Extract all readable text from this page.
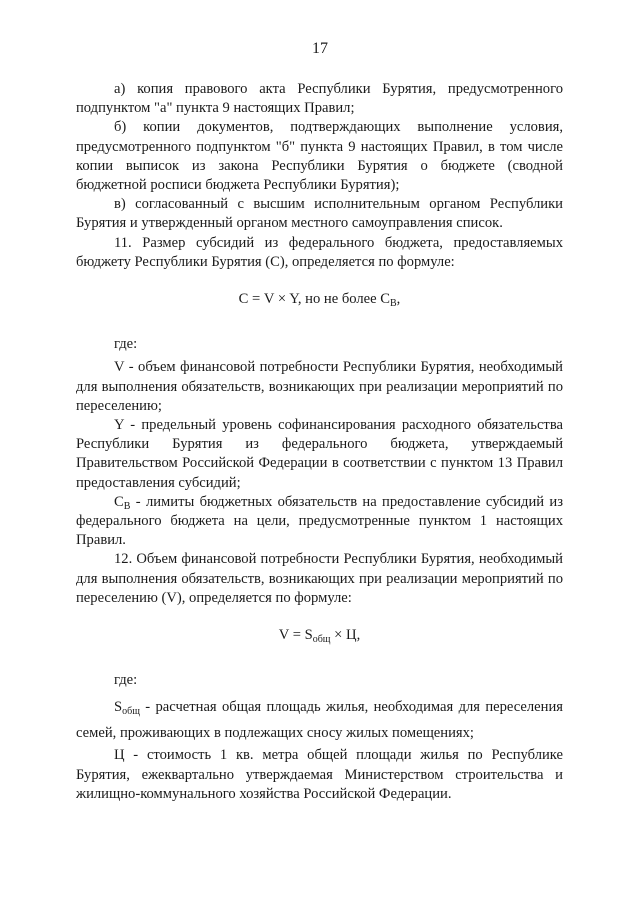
17

а) копия правового акта Республики Бурятия, предусмотренного подпунктом "а" пункта 9 настоящих Правил;

б) копии документов, подтверждающих выполнение условия, предусмотренного подпунктом "б" пункта 9 настоящих Правил, в том числе копии выписок из закона Республики Бурятия о бюджете (сводной бюджетной росписи бюджета Республики Бурятия);

в) согласованный с высшим исполнительным органом Республики Бурятия и утвержденный органом местного самоуправления список.

11. Размер субсидий из федерального бюджета, предоставляемых бюджету Республики Бурятия (С), определяется по формуле:

С = V × Y, но не более $С_В$,

где:

V - объем финансовой потребности Республики Бурятия, необходимый для выполнения обязательств, возникающих при реализации мероприятий по переселению;

Y - предельный уровень софинансирования расходного обязательства Республики Бурятия из федерального бюджета, утверждаемый Правительством Российской Федерации в соответствии с пунктом 13 Правил предоставления субсидий;

$С_В$ - лимиты бюджетных обязательств на предоставление субсидий из федерального бюджета на цели, предусмотренные пунктом 1 настоящих Правил.

12. Объем финансовой потребности Республики Бурятия, необходимый для выполнения обязательств, возникающих при реализации мероприятий по переселению (V), определяется по формуле:

$V = S_{общ} \times Ц$,

где:

$S_{общ}$ - расчетная общая площадь жилья, необходимая для переселения семей, проживающих в подлежащих сносу жилых помещениях;

Ц - стоимость 1 кв. метра общей площади жилья по Республике Бурятия, ежеквартально утверждаемая Министерством строительства и жилищно-коммунального хозяйства Российской Федерации.
